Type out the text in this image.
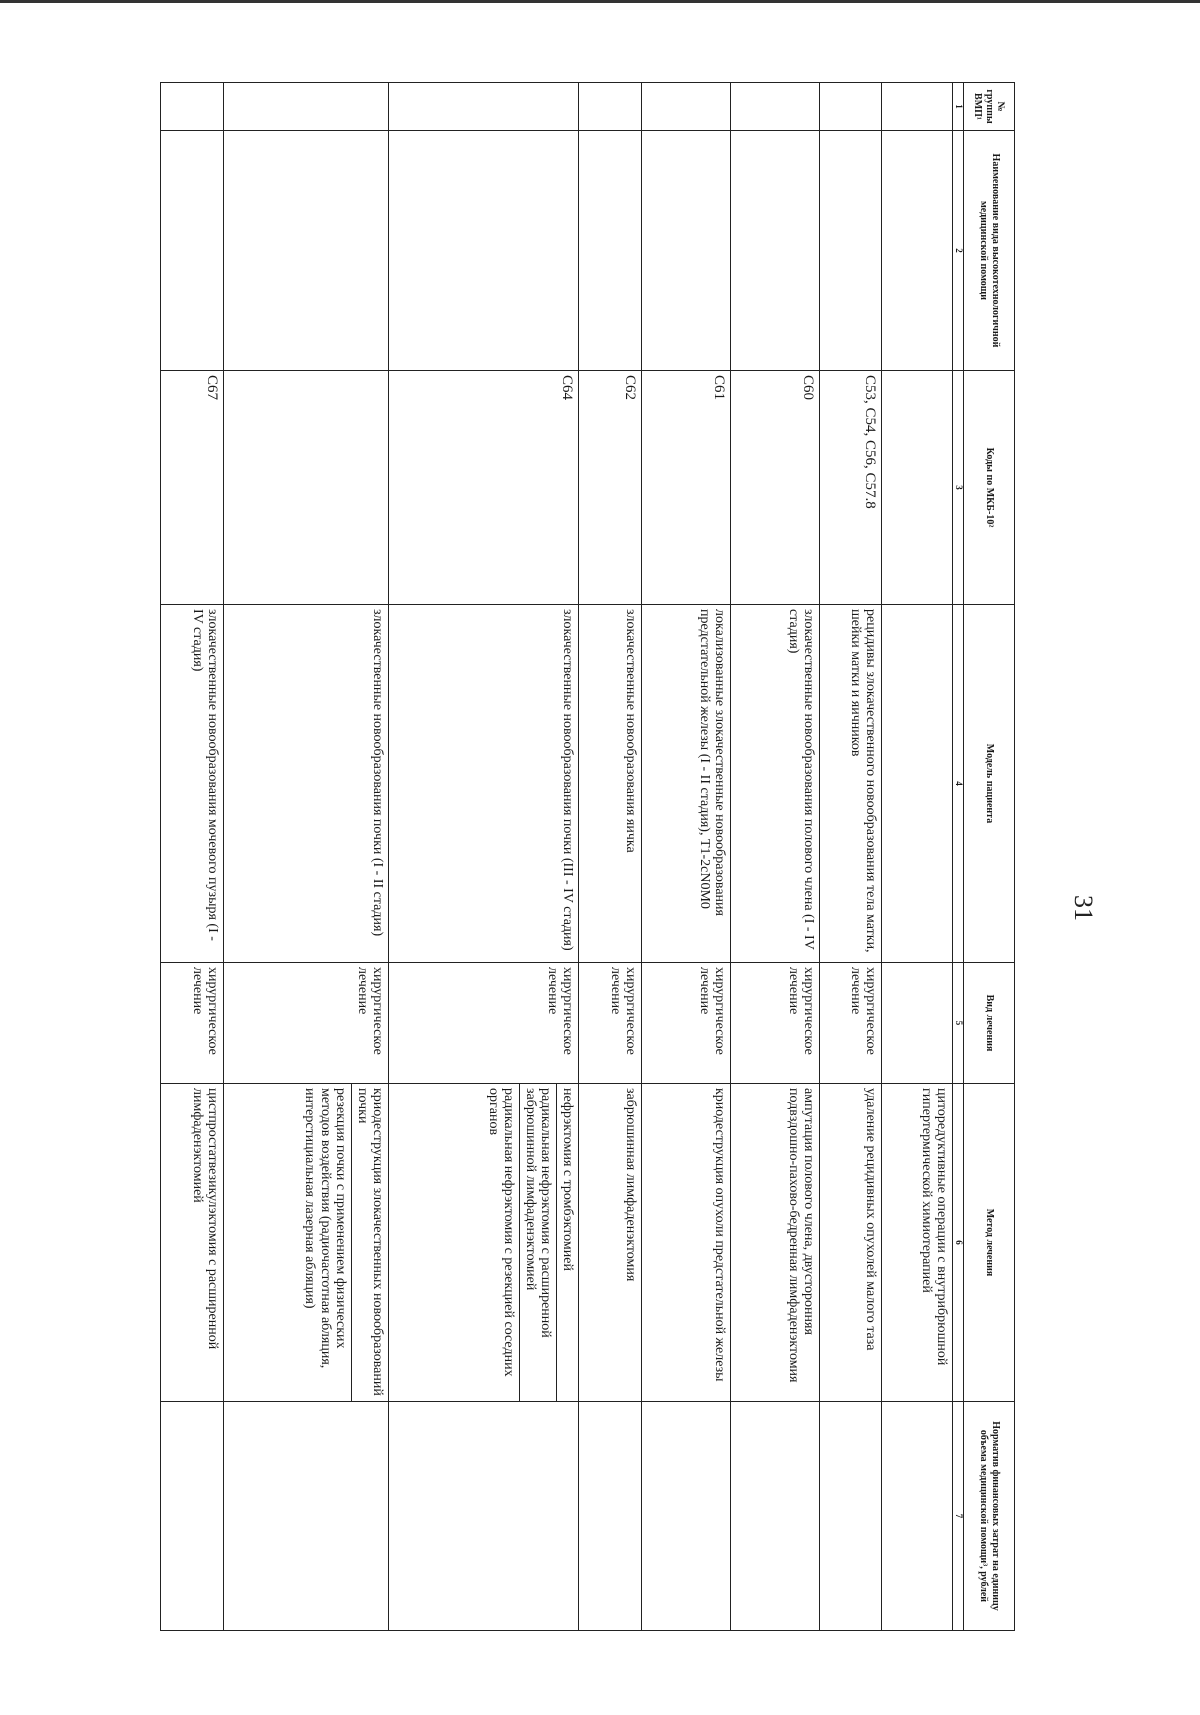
31
№ группы ВМП¹	Наименование вида высокотехнологичной медицинской помощи	Коды по МКБ-10²	Модель пациента	Вид лечения	Метод лечения	Норматив финансовых затрат на единицу объема медицинской помощи³, рублей
1	2	3	4	5	6	7

					циторедуктивные операции с внутрибрюшной гипертермической химиотерапией	

		C53, C54, C56, C57.8	рецидивы злокачественного новообразования тела матки, шейки матки и яичников	хирургическое лечение	удаление рецидивных опухолей малого таза	

		C60	злокачественные новообразования полового члена (I - IV стадия)	хирургическое лечение	ампутация полового члена, двусторонняя подвздошно-пахово-бедренная лимфаденэктомия	

		C61	локализованные злокачественные новообразования предстательной железы (I - II стадия), T1-2cN0M0	хирургическое лечение	криодеструкция опухоли предстательной железы	

		C62	злокачественные новообразования яичка	хирургическое лечение	забрюшинная лимфаденэктомия	

		C64	злокачественные новообразования почки (III - IV стадия)	хирургическое лечение	нефрэктомия с тромбэктомией
радикальная нефрэктомия с расширенной забрюшинной лимфаденэктомией
радикальная нефрэктомия с резекцией соседних органов	

			злокачественные новообразования почки (I - II стадия)	хирургическое лечение	криодеструкция злокачественных новообразований почки
резекция почки с применением физических методов воздействия (радиочастотная абляция, интерстициальная лазерная абляция)	

		C67	злокачественные новообразования мочевого пузыря (I - IV стадия)	хирургическое лечение	цистпростатвезикулэктомия с расширенной лимфаденэктомией	
